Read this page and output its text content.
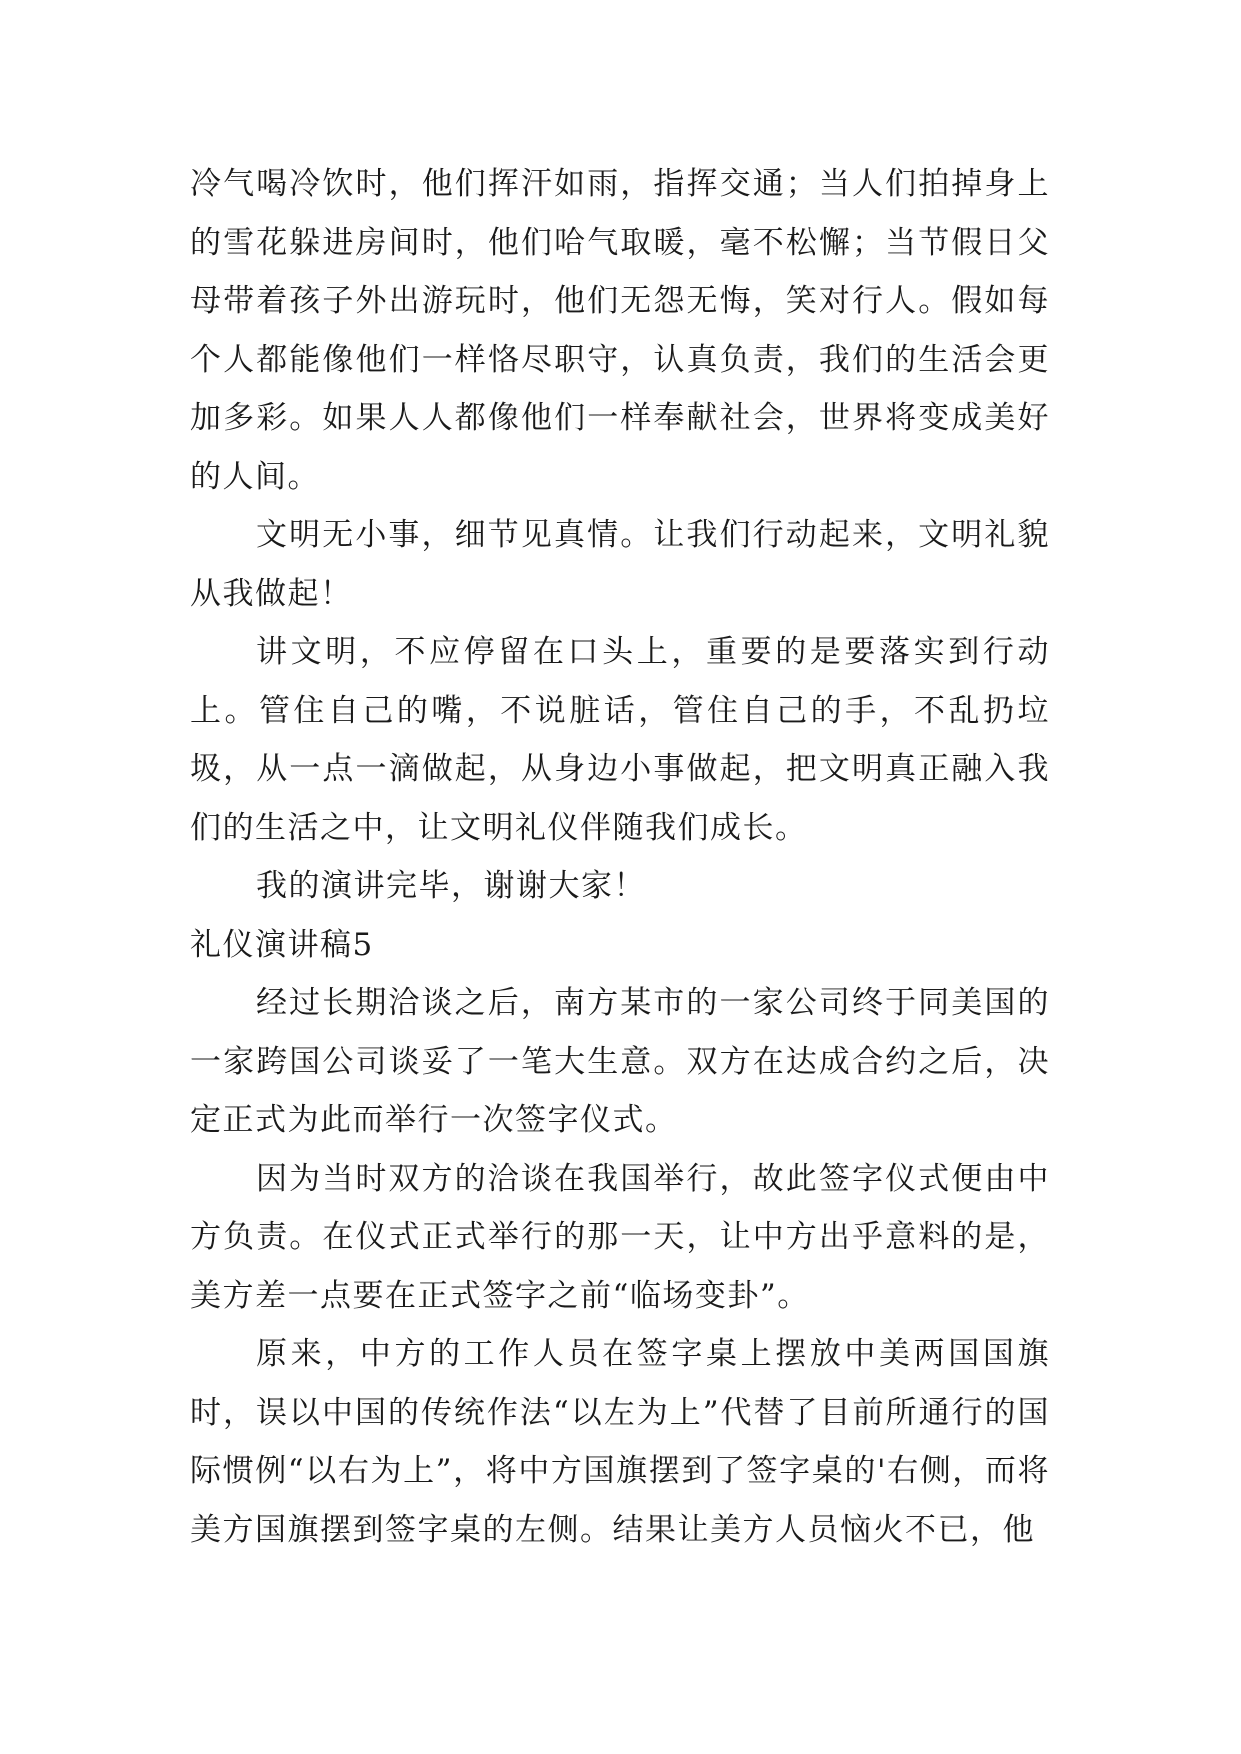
冷气喝冷饮时，他们挥汗如雨，指挥交通；当人们拍掉身上的雪花躲进房间时，他们哈气取暖，毫不松懈；当节假日父母带着孩子外出游玩时，他们无怨无悔，笑对行人。假如每个人都能像他们一样恪尽职守，认真负责，我们的生活会更加多彩。如果人人都像他们一样奉献社会，世界将变成美好的人间。

文明无小事，细节见真情。让我们行动起来，文明礼貌从我做起！

讲文明，不应停留在口头上，重要的是要落实到行动上。管住自己的嘴，不说脏话，管住自己的手，不乱扔垃圾，从一点一滴做起，从身边小事做起，把文明真正融入我们的生活之中，让文明礼仪伴随我们成长。

我的演讲完毕，谢谢大家！

礼仪演讲稿5

经过长期洽谈之后，南方某市的一家公司终于同美国的一家跨国公司谈妥了一笔大生意。双方在达成合约之后，决定正式为此而举行一次签字仪式。

因为当时双方的洽谈在我国举行，故此签字仪式便由中方负责。在仪式正式举行的那一天，让中方出乎意料的是，美方差一点要在正式签字之前“临场变卦”。

原来，中方的工作人员在签字桌上摆放中美两国国旗时，误以中国的传统作法“以左为上”代替了目前所通行的国际惯例“以右为上”，将中方国旗摆到了签字桌的'右侧，而将美方国旗摆到签字桌的左侧。结果让美方人员恼火不已，他
